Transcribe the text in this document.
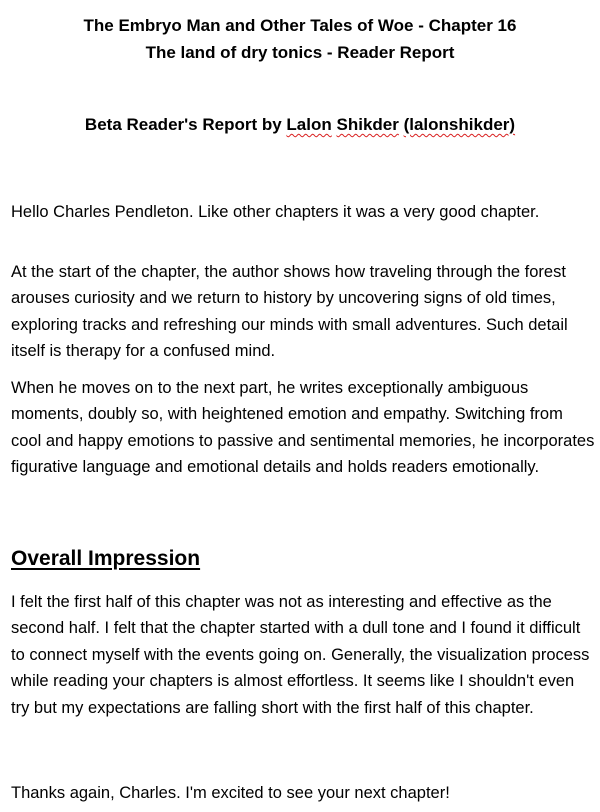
The Embryo Man and Other Tales of Woe - Chapter 16
The land of dry tonics - Reader Report
Beta Reader's Report by Lalon Shikder (lalonshikder)

Hello Charles Pendleton. Like other chapters it was a very good chapter.

At the start of the chapter, the author shows how traveling through the forest arouses curiosity and we return to history by uncovering signs of old times, exploring tracks and refreshing our minds with small adventures. Such detail itself is therapy for a confused mind.

When he moves on to the next part, he writes exceptionally ambiguous moments, doubly so, with heightened emotion and empathy. Switching from cool and happy emotions to passive and sentimental memories, he incorporates figurative language and emotional details and holds readers emotionally.

Overall Impression

I felt the first half of this chapter was not as interesting and effective as the second half. I felt that the chapter started with a dull tone and I found it difficult to connect myself with the events going on. Generally, the visualization process while reading your chapters is almost effortless. It seems like I shouldn't even try but my expectations are falling short with the first half of this chapter.

Thanks again, Charles. I'm excited to see your next chapter!
